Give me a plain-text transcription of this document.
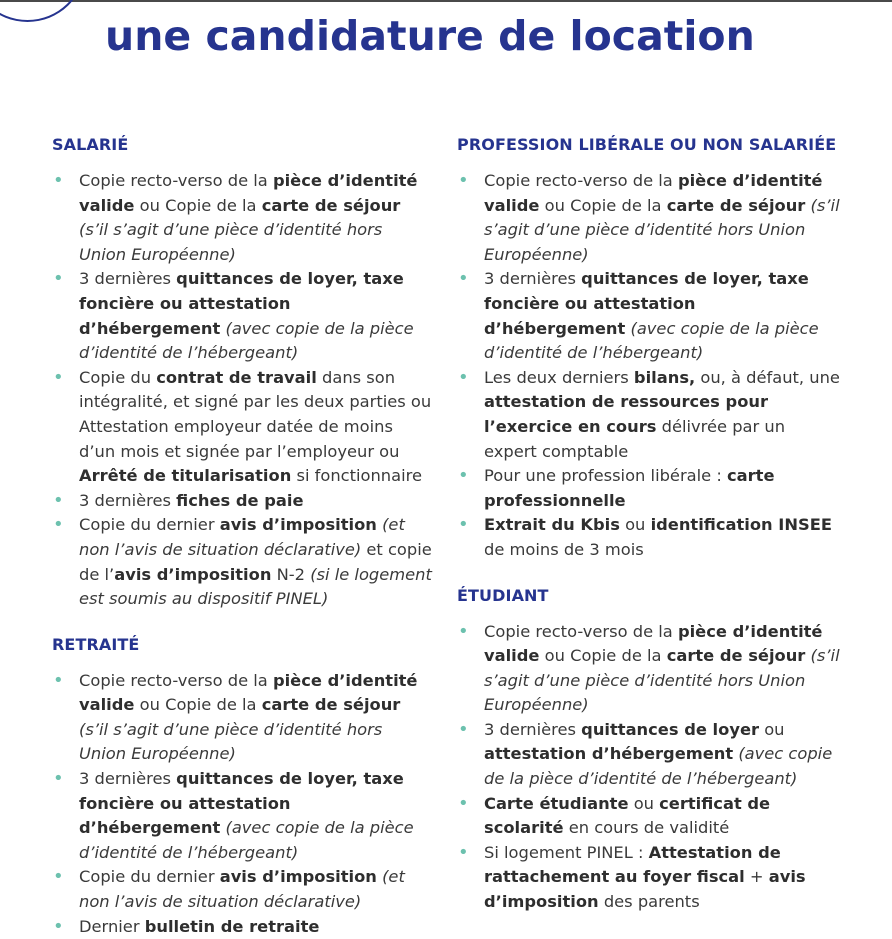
une candidature de location
SALARIÉ
• Copie recto-verso de la pièce d’identité valide ou Copie de la carte de séjour (s’il s’agit d’une pièce d’identité hors Union Européenne)
• 3 dernières quittances de loyer, taxe foncière ou attestation d’hébergement (avec copie de la pièce d’identité de l’hébergeant)
• Copie du contrat de travail dans son intégralité, et signé par les deux parties ou Attestation employeur datée de moins d’un mois et signée par l’employeur ou Arrêté de titularisation si fonctionnaire
• 3 dernières fiches de paie
• Copie du dernier avis d’imposition (et non l’avis de situation déclarative) et copie de l’avis d’imposition N-2 (si le logement est soumis au dispositif PINEL)
RETRAITÉ
• Copie recto-verso de la pièce d’identité valide ou Copie de la carte de séjour (s’il s’agit d’une pièce d’identité hors Union Européenne)
• 3 dernières quittances de loyer, taxe foncière ou attestation d’hébergement (avec copie de la pièce d’identité de l’hébergeant)
• Copie du dernier avis d’imposition (et non l’avis de situation déclarative)
• Dernier bulletin de retraite
PROFESSION LIBÉRALE OU NON SALARIÉE
• Copie recto-verso de la pièce d’identité valide ou Copie de la carte de séjour (s’il s’agit d’une pièce d’identité hors Union Européenne)
• 3 dernières quittances de loyer, taxe foncière ou attestation d’hébergement (avec copie de la pièce d’identité de l’hébergeant)
• Les deux derniers bilans, ou, à défaut, une attestation de ressources pour l’exercice en cours délivrée par un expert comptable
• Pour une profession libérale : carte professionnelle
• Extrait du Kbis ou identification INSEE de moins de 3 mois
ÉTUDIANT
• Copie recto-verso de la pièce d’identité valide ou Copie de la carte de séjour (s’il s’agit d’une pièce d’identité hors Union Européenne)
• 3 dernières quittances de loyer ou attestation d’hébergement (avec copie de la pièce d’identité de l’hébergeant)
• Carte étudiante ou certificat de scolarité en cours de validité
• Si logement PINEL : Attestation de rattachement au foyer fiscal + avis d’imposition des parents
